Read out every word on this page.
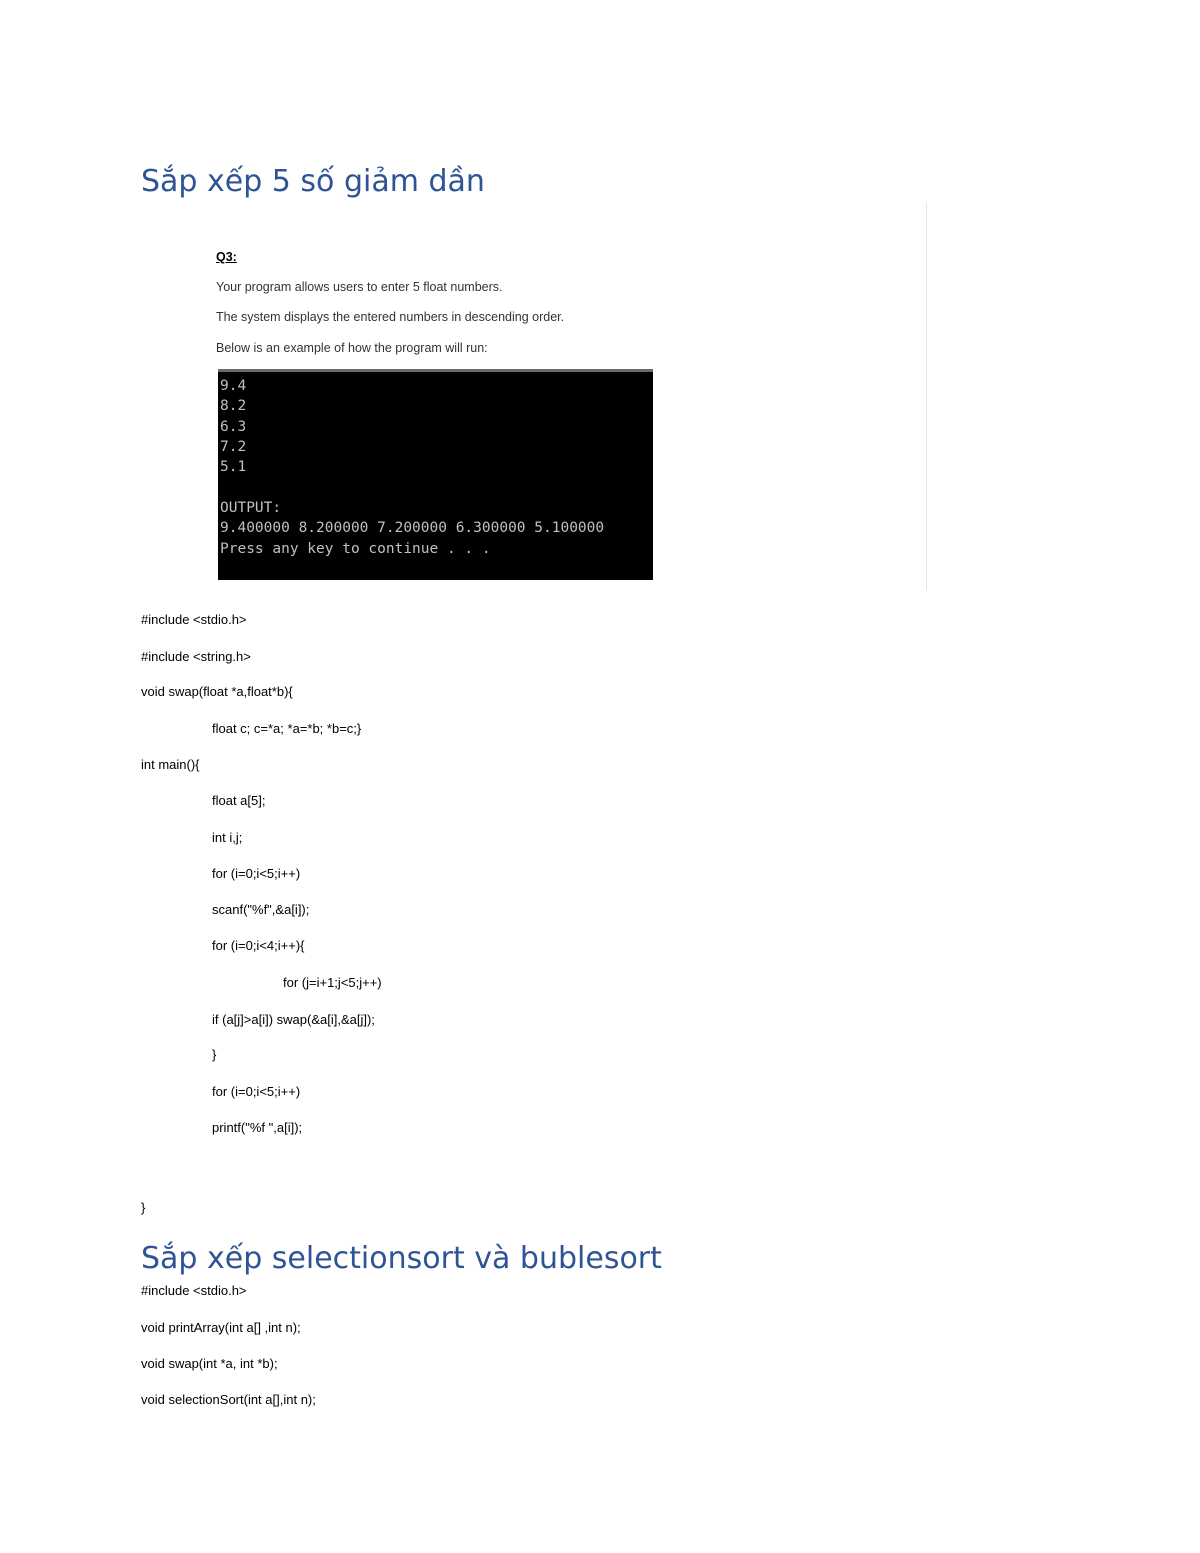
Sắp xếp 5 số giảm dần
Q3:
Your program allows users to enter 5 float numbers.
The system displays the entered numbers in descending order.
Below is an example of how the program will run:
9.4
8.2
6.3
7.2
5.1
OUTPUT:
9.400000 8.200000 7.200000 6.300000 5.100000
Press any key to continue . . .
#include <stdio.h>
#include <string.h>
void swap(float *a,float*b){
float c; c=*a; *a=*b; *b=c;}
int main(){
float a[5];
int i,j;
for (i=0;i<5;i++)
scanf("%f",&a[i]);
for (i=0;i<4;i++){
for (j=i+1;j<5;j++)
if (a[j]>a[i]) swap(&a[i],&a[j]);
}
for (i=0;i<5;i++)
printf("%f ",a[i]);
}
Sắp xếp selectionsort và bublesort
#include <stdio.h>
void printArray(int a[] ,int n);
void swap(int *a, int *b);
void selectionSort(int a[],int n);
